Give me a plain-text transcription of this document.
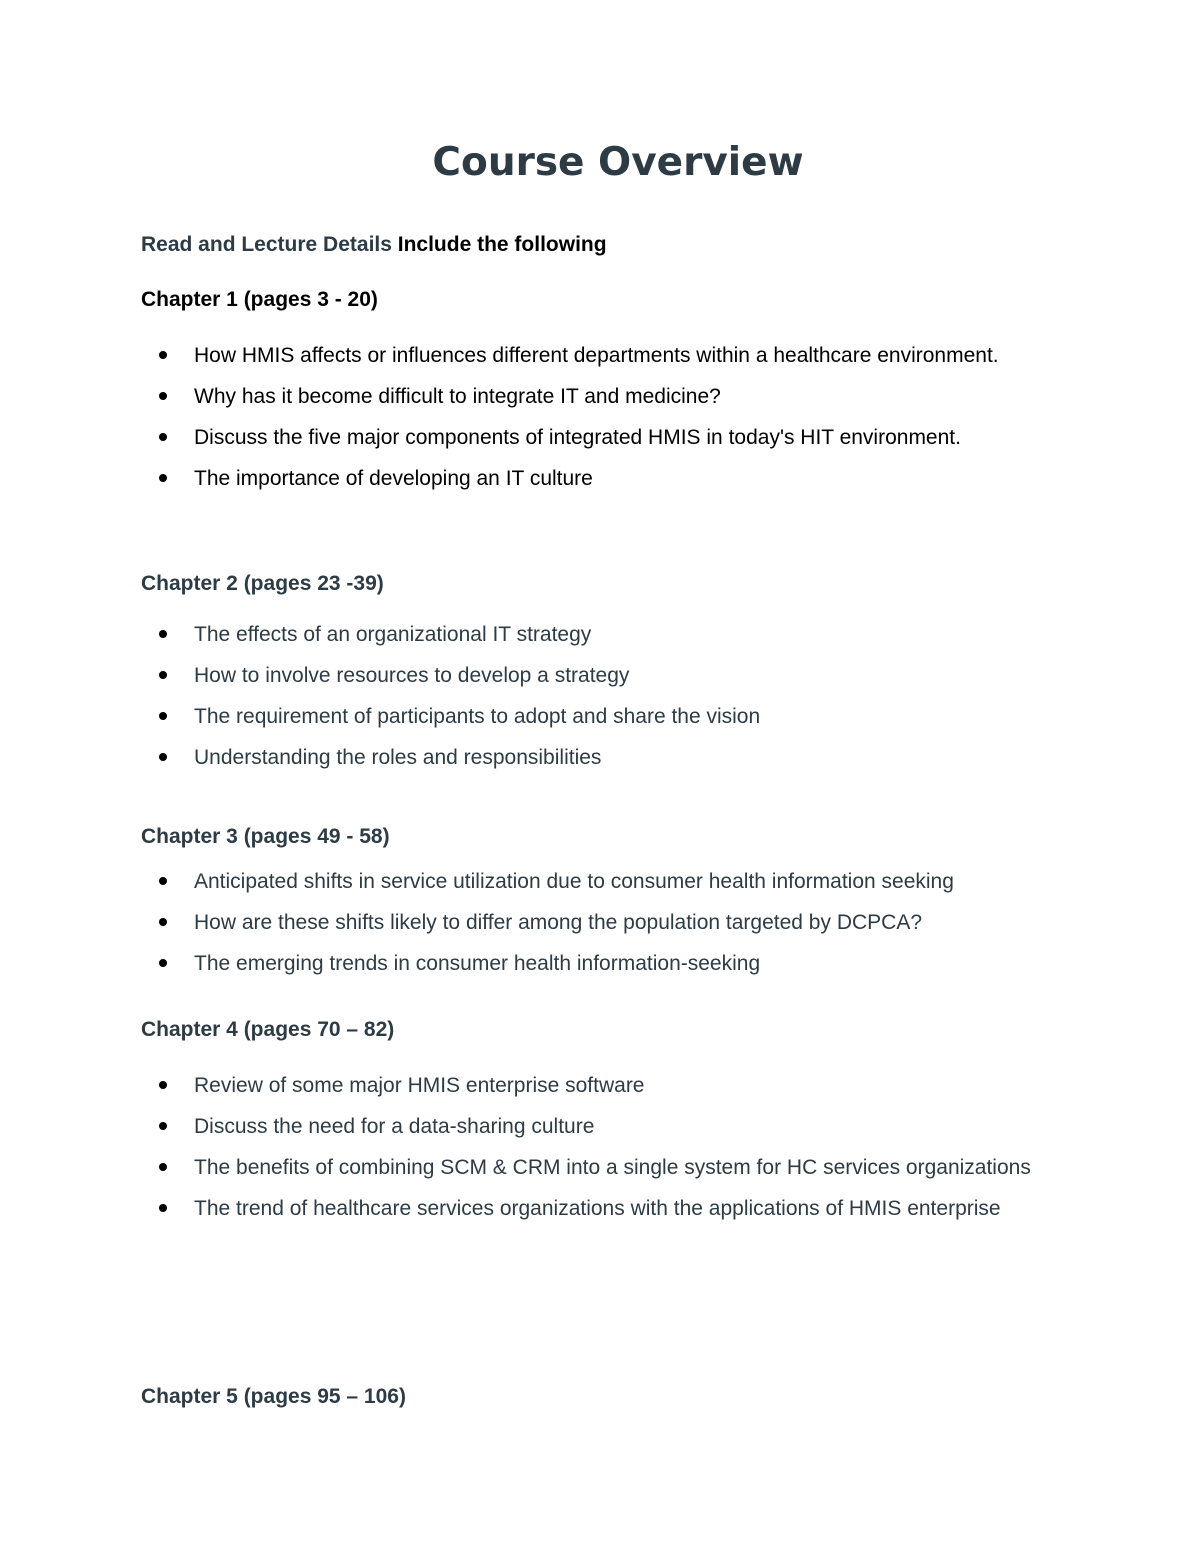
Course Overview

Read and Lecture Details Include the following

Chapter 1 (pages 3 - 20)

How HMIS affects or influences different departments within a healthcare environment.
Why has it become difficult to integrate IT and medicine?
Discuss the five major components of integrated HMIS in today's HIT environment.
The importance of developing an IT culture

Chapter 2 (pages 23 -39)

The effects of an organizational IT strategy
How to involve resources to develop a strategy
The requirement of participants to adopt and share the vision
Understanding the roles and responsibilities

Chapter 3 (pages 49 - 58)

Anticipated shifts in service utilization due to consumer health information seeking
How are these shifts likely to differ among the population targeted by DCPCA?
The emerging trends in consumer health information-seeking

Chapter 4 (pages 70 – 82)

Review of some major HMIS enterprise software
Discuss the need for a data-sharing culture
The benefits of combining SCM & CRM into a single system for HC services organizations
The trend of healthcare services organizations with the applications of HMIS enterprise

Chapter 5 (pages 95 – 106)
